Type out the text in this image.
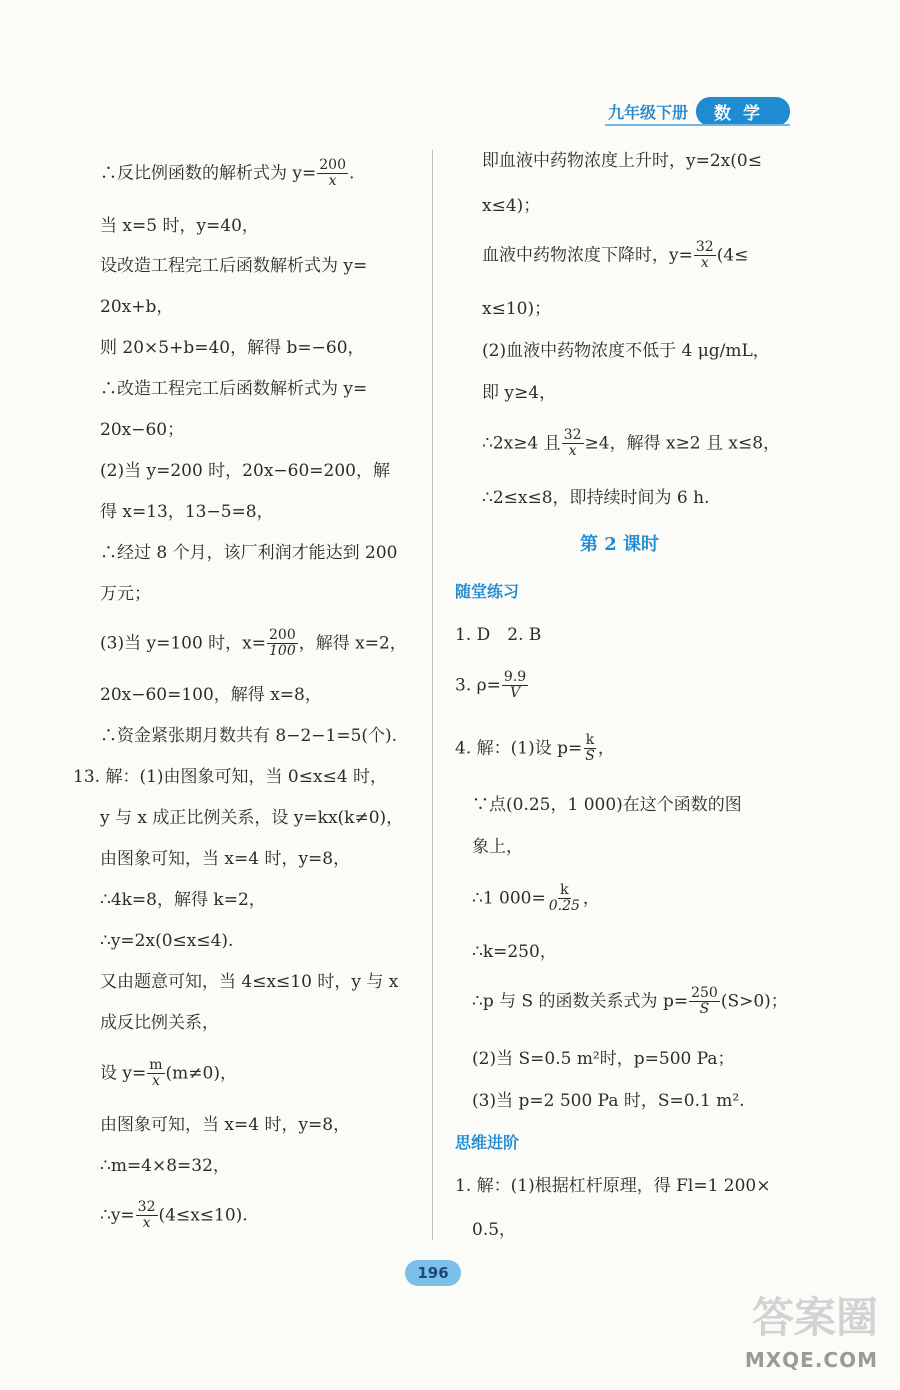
九年级下册	数学
∴反比例函数的解析式为 $y= \frac{200}{x}$ .
当 x=5 时，y=40，
设改造工程完工后函数解析式为 y=
20x+b，
则 20×5+b=40，解得 b=−60，
∴改造工程完工后函数解析式为 y=
20x−60；
(2)当 y=200 时，20x−60=200，解
得 x=13，13−5=8，
∴经过 8 个月，该厂利润才能达到 200
万元；
(3)当 y=100 时，$x= \frac{200}{100}$ ，解得 x=2，
20x−60=100，解得 x=8，
∴资金紧张期月数共有 8−2−1=5(个).
13. 解：(1)由图象可知，当 0≤x≤4 时，
y 与 x 成正比例关系，设 y=kx(k≠0)，
由图象可知，当 x=4 时，y=8，
∴4k=8，解得 k=2，
∴y=2x(0≤x≤4).
又由题意可知，当 4≤x≤10 时，y 与 x
成反比例关系，
设 $y= \frac{m}{x} (m\ne 0)$，
由图象可知，当 x=4 时，y=8，
∴m=4×8=32，
∴y= $\frac{32}{x} (4\le x\le 10)$.
即血液中药物浓度上升时，y=2x(0≤
x≤4)；
血液中药物浓度下降时，$y= \frac{32}{x} (4\le$
x≤10)；
(2)血液中药物浓度不低于 4 μg/mL，
即 y≥4，
∴2x≥4 且 $\frac{32}{x} \ge 4$，解得 x≥2 且 x≤8，
∴2≤x≤8，即持续时间为 6 h.
第 2 课时
随堂练习
1. D　2. B
3. $\rho= \frac{9.9}{V}$
4. 解：(1)设 $p= \frac{k}{S}$ ，
∵点(0.25，1 000)在这个函数的图
象上，
∴1 $000= \frac{k}{0.25}$ ，
∴k=250，
∴p 与 S 的函数关系式为 $p= \frac{250}{S} (S>0)$；
(2)当 S=0.5 m²时，p=500 Pa；
(3)当 p=2 500 Pa 时，S=0.1 m².
思维进阶
1. 解：(1)根据杠杆原理，得 Fl=1 200×
0.5，
196
答案圈
MXQE.COM
